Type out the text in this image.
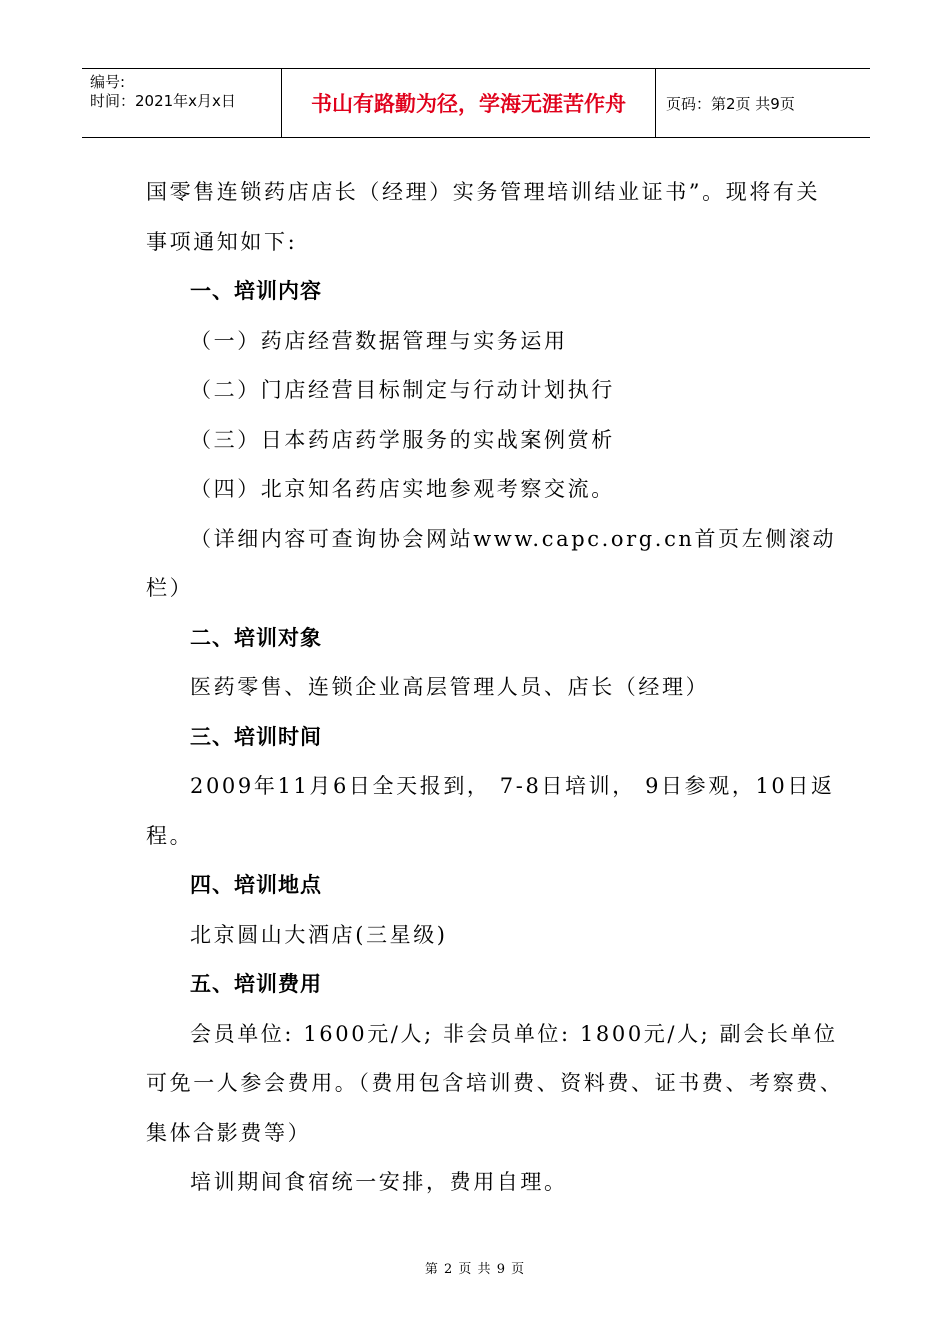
编号:
时间：2021年x月x日	书山有路勤为径，学海无涯苦作舟	页码：第2页 共9页
国零售连锁药店店长（经理）实务管理培训结业证书”。现将有关
事项通知如下:
一、培训内容
（一）药店经营数据管理与实务运用
（二）门店经营目标制定与行动计划执行
（三）日本药店药学服务的实战案例赏析
（四）北京知名药店实地参观考察交流。
（详细内容可查询协会网站www.capc.org.cn首页左侧滚动
栏）
二、培训对象
医药零售、连锁企业高层管理人员、店长（经理）
三、培训时间
2009年11月6日全天报到， 7-8日培训， 9日参观，10日返
程。
四、培训地点
北京圆山大酒店(三星级)
五、培训费用
会员单位: 1600元/人; 非会员单位: 1800元/人; 副会长单位
可免一人参会费用。（费用包含培训费、资料费、证书费、考察费、
集体合影费等）
培训期间食宿统一安排，费用自理。
第 2 页 共 9 页
